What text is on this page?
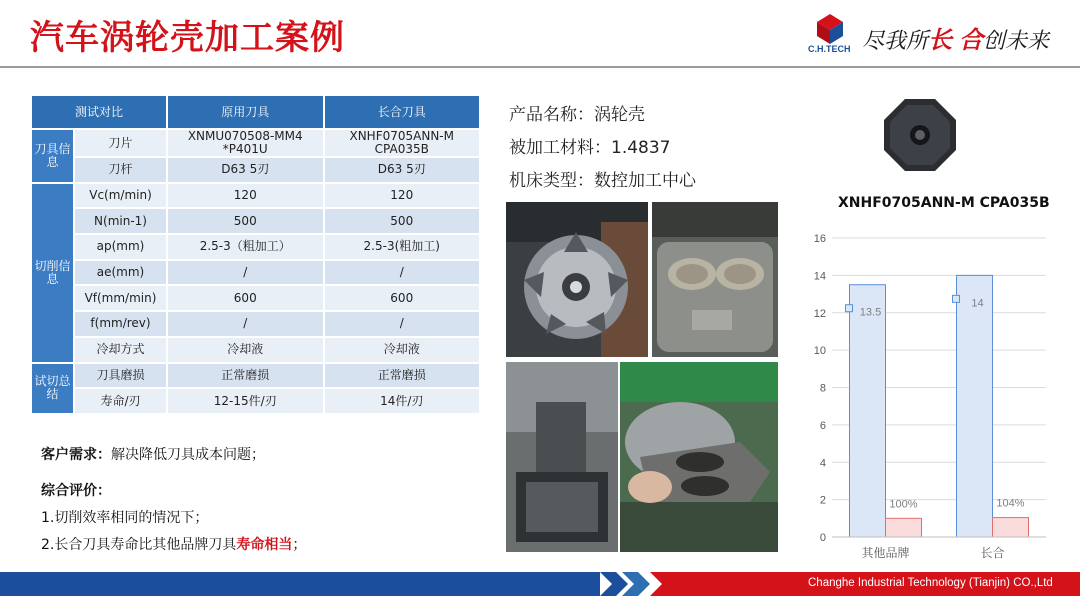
汽车涡轮壳加工案例	C.H.TECH 尽我所长 合创未来
测试对比		原用刀具	长合刀具
刀具信息	刀片	XNMU070508-MM4 *P401U	XNHF0705ANN-M CPA035B
	刀杆	D63 5刃	D63 5刃
切削信息	Vc(m/min)	120	120
	N(min-1)	500	500
	ap(mm)	2.5-3（粗加工）	2.5-3(粗加工)
	ae(mm)	/	/
	Vf(mm/min)	600	600
	f(mm/rev)	/	/
	冷却方式	冷却液	冷却液
试切总结	刀具磨损	正常磨损	正常磨损
	寿命/刃	12-15件/刃	14件/刃

客户需求：解决降低刀具成本问题；

综合评价：

1.切削效率相同的情况下；

2.长合刀具寿命比其他品牌刀具寿命相当；

产品名称：涡轮壳
被加工材料：1.4837
机床类型：数控加工中心
XNHF0705ANN-M CPA035B
0
2
4
6
8
10
12
14
16
13.5
100%
其他品牌
14
104%
长合
Changhe Industrial Technology (Tianjin) CO.,Ltd
